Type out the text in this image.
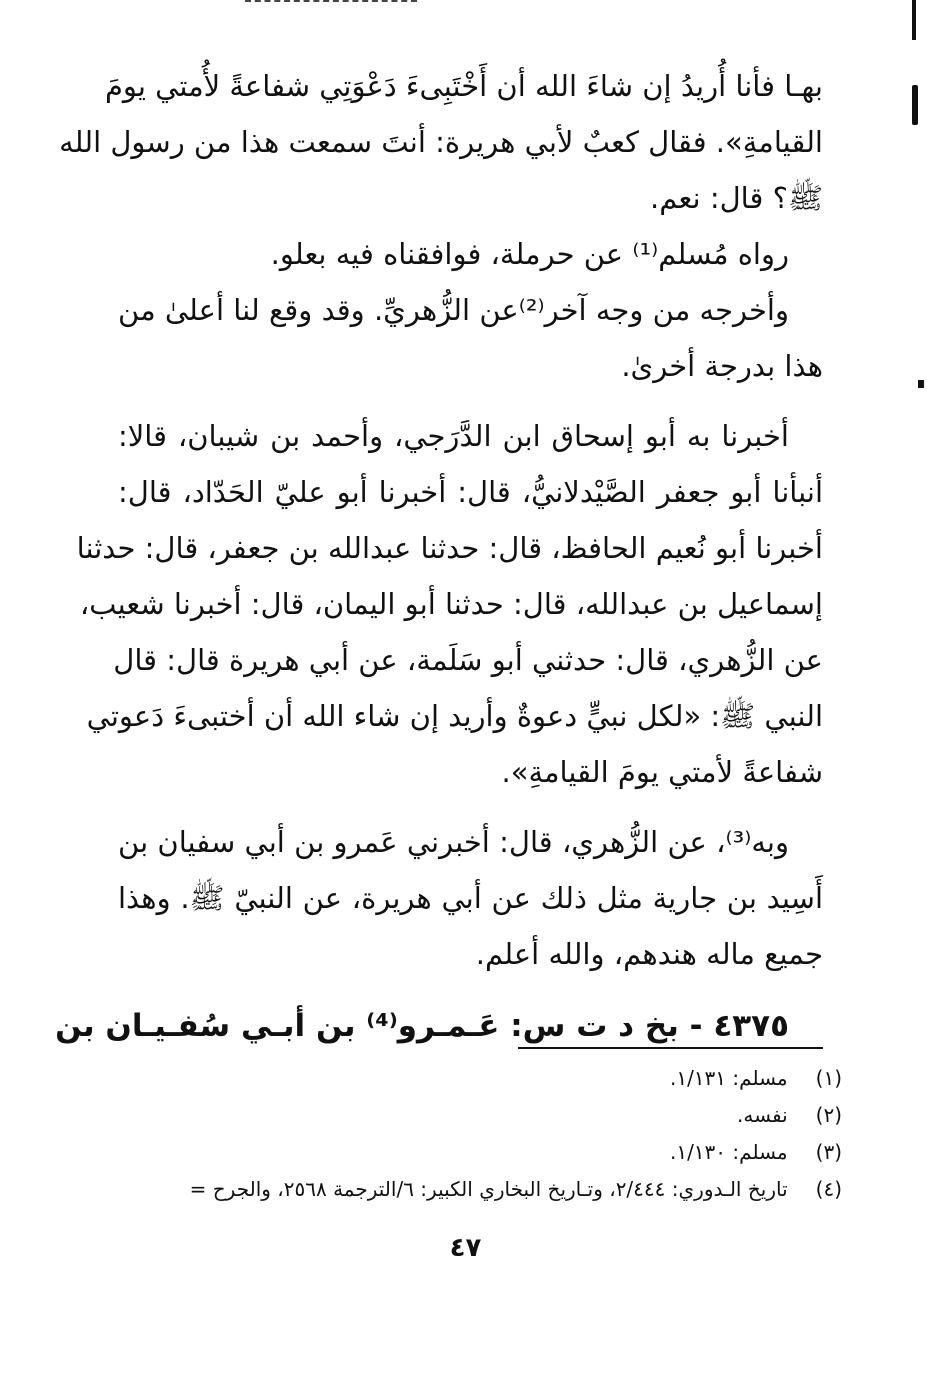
بهـا فأنا أُريدُ إن شاءَ الله أن أَخْتَبِىءَ دَعْوَتِي شفاعةً لأُمتي يومَ
القيامةِ». فقال كعبٌ لأبي هريرة: أنتَ سمعت هذا من رسول الله
ﷺ؟ قال: نعم.
رواه مُسلم⁽¹⁾ عن حرملة، فوافقناه فيه بعلو.
وأخرجه من وجه آخر⁽²⁾عن الزُّهريِّ. وقد وقع لنا أعلىٰ من
هذا بدرجة أخرىٰ.
أخبرنا به أبو إسحاق ابن الدَّرَجي، وأحمد بن شيبان، قالا:
أنبأنا أبو جعفر الصَّيْدلانيُّ، قال: أخبرنا أبو عليّ الحَدّاد، قال:
أخبرنا أبو نُعيم الحافظ، قال: حدثنا عبدالله بن جعفر، قال: حدثنا
إسماعيل بن عبدالله، قال: حدثنا أبو اليمان، قال: أخبرنا شعيب،
عن الزُّهري، قال: حدثني أبو سَلَمة، عن أبي هريرة قال: قال
النبي ﷺ: «لكل نبيٍّ دعوةٌ وأريد إن شاء الله أن أختبىءَ دَعوتي
شفاعةً لأمتي يومَ القيامةِ».
وبه⁽³⁾، عن الزُّهري، قال: أخبرني عَمرو بن أبي سفيان بن
أَسِيد بن جارية مثل ذلك عن أبي هريرة، عن النبيّ ﷺ. وهذا
جميع ماله هندهم، والله أعلم.
٤٣٧٥ - بخ د ت س: عَـمـرو⁽⁴⁾ بن أبـي سُفـيـان بن
(١) مسلم: ١/١٣١.
(٢) نفسه.
(٣) مسلم: ١/١٣٠.
(٤) تاريخ الـدوري: ٢/٤٤٤، وتـاريخ البخاري الكبير: ٦/الترجمة ٢٥٦٨، والجرح =
٤٧
